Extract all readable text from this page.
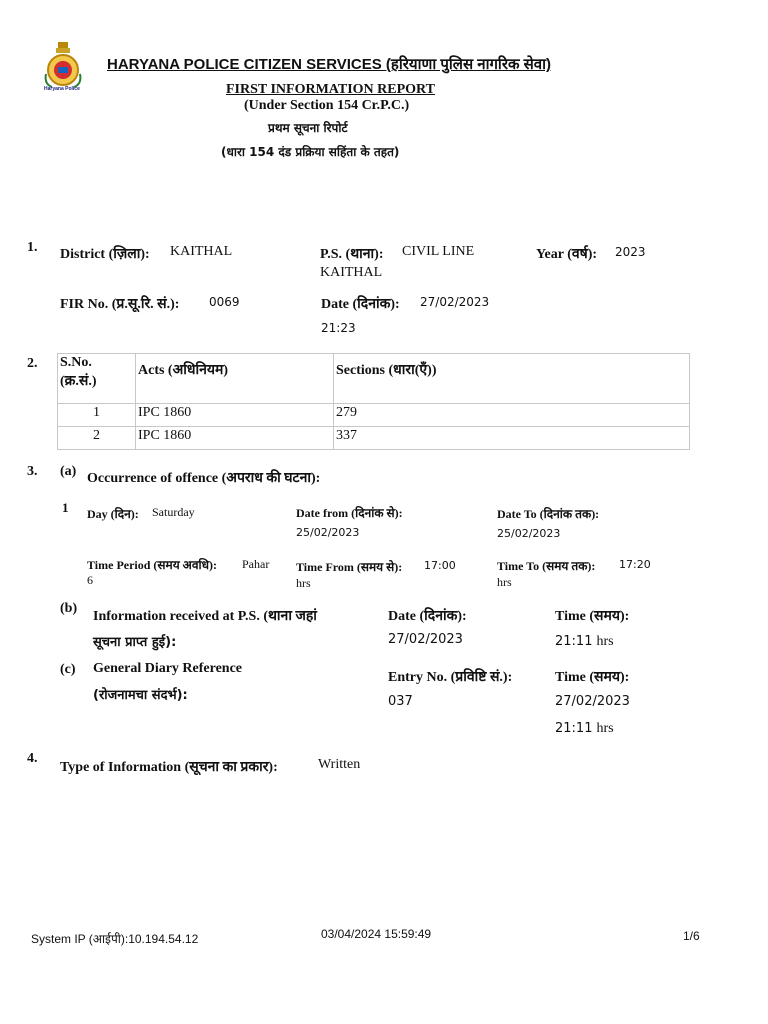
Haryana Police
HARYANA POLICE CITIZEN SERVICES (हरियाणा पुलिस नागरिक सेवा)
FIRST INFORMATION REPORT
(Under Section 154 Cr.P.C.)
प्रथम सूचना रिपोर्ट
(धारा 154 दंड प्रक्रिया सहिंता के तहत)
1. District (ज़िला): KAITHAL	P.S. (थाना): CIVIL LINE
KAITHAL
Year (वर्ष): 2023
FIR No. (प्र.सू.रि. सं.): 0069	Date (दिनांक): 27/02/2023
21:23
2. S.No.
(क्र.सं.)	Acts (अधिनियम)	Sections (धारा(एँ))
1	IPC 1860	279
2	IPC 1860	337
3. (a) Occurrence of offence (अपराध की घटना):
1 Day (दिन): Saturday	Date from (दिनांक से):
25/02/2023
Date To (दिनांक तक):
25/02/2023
Time Period (समय अवधि): Pahar
6
Time From (समय से): 17:00
hrs
Time To (समय तक): 17:20
hrs
(b)
Information received at P.S. (थाना जहां
सूचना प्राप्त हुई):
Date (दिनांक):
27/02/2023
Time (समय):
21:11 hrs
(c) General Diary Reference
(रोजनामचा संदर्भ):
Entry No. (प्रविष्टि सं.):
037
Time (समय):
27/02/2023
21:11 hrs
4.
Type of Information (सूचना का प्रकार):	Written
System IP (आईपी):10.194.54.12	03/04/2024 15:59:49	1/6
